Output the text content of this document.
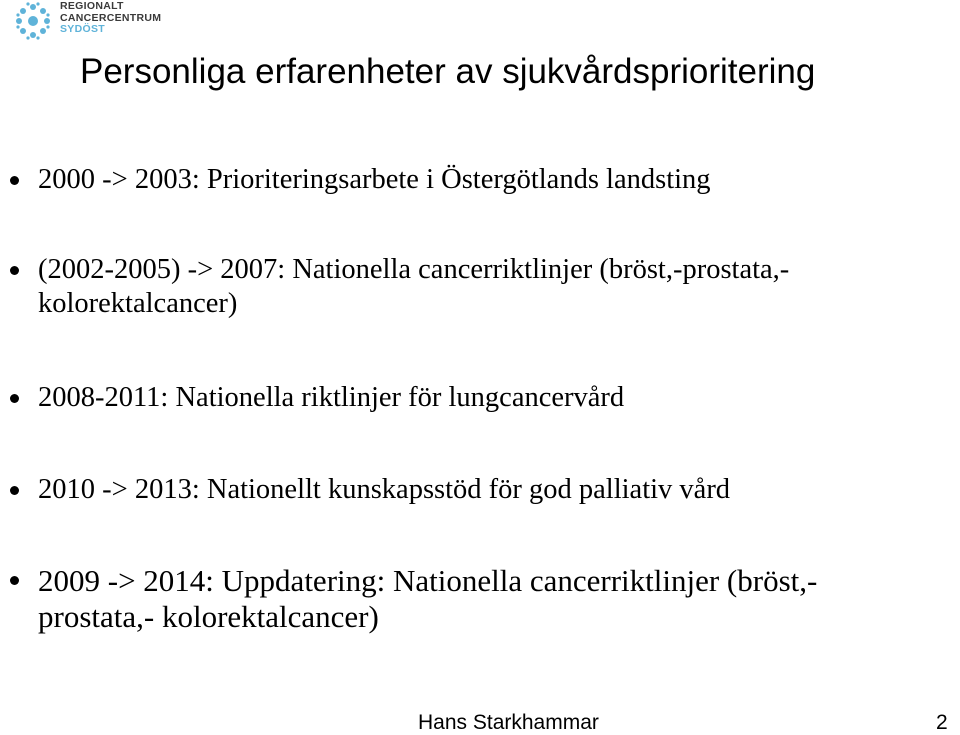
REGIONALT
CANCERCENTRUM
SYDÖST
Personliga erfarenheter av sjukvårdsprioritering
2000 -> 2003: Prioriteringsarbete i Östergötlands landsting
(2002-2005) -> 2007: Nationella cancerriktlinjer (bröst,-prostata,- kolorektalcancer)
2008-2011: Nationella riktlinjer för lungcancervård
2010 -> 2013: Nationellt kunskapsstöd för god palliativ vård
2009 -> 2014: Uppdatering: Nationella cancerriktlinjer (bröst,- prostata,- kolorektalcancer)
Hans Starkhammar	2
